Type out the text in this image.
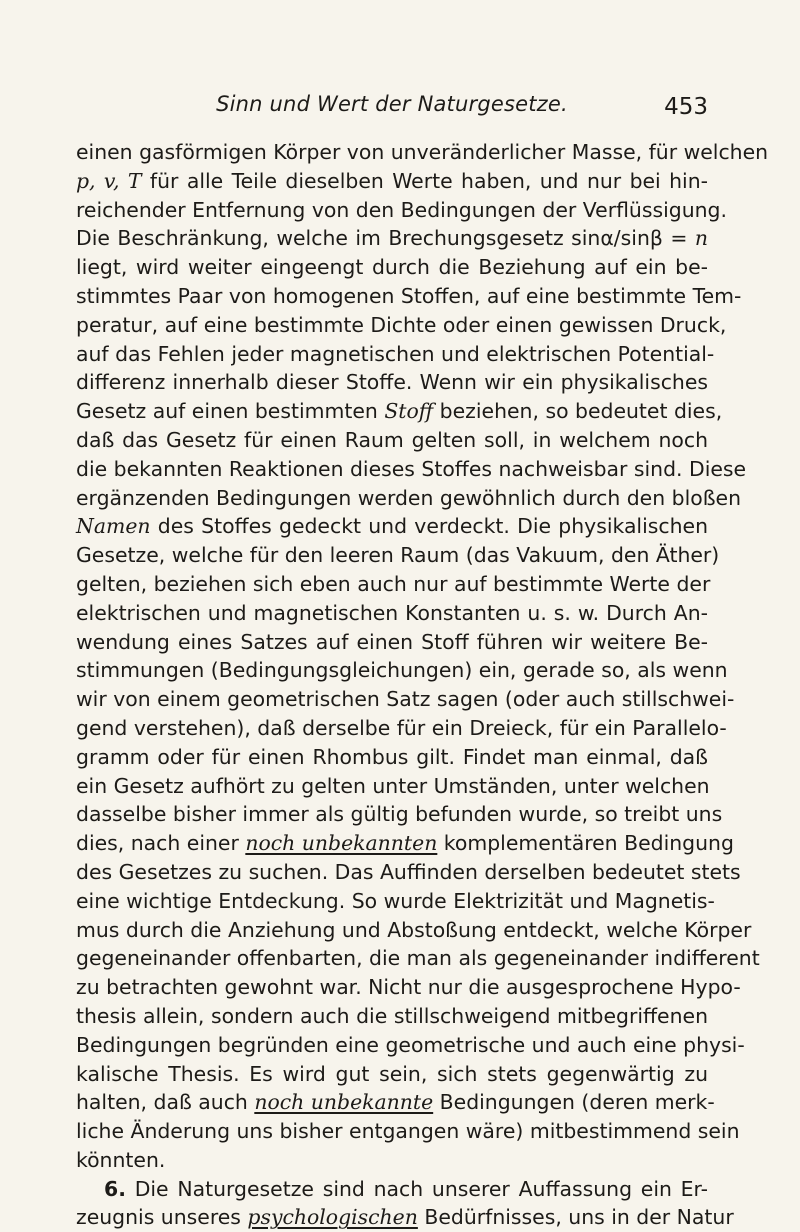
Sinn und Wert der Naturgesetze.	453
einen gasförmigen Körper von unveränderlicher Masse, für welchen
p, v, T für alle Teile dieselben Werte haben, und nur bei hin-
reichender Entfernung von den Bedingungen der Verflüssigung.
Die Beschränkung, welche im Brechungsgesetz sinα/sinβ = n
liegt, wird weiter eingeengt durch die Beziehung auf ein be-
stimmtes Paar von homogenen Stoffen, auf eine bestimmte Tem-
peratur, auf eine bestimmte Dichte oder einen gewissen Druck,
auf das Fehlen jeder magnetischen und elektrischen Potential-
differenz innerhalb dieser Stoffe. Wenn wir ein physikalisches
Gesetz auf einen bestimmten Stoff beziehen, so bedeutet dies,
daß das Gesetz für einen Raum gelten soll, in welchem noch
die bekannten Reaktionen dieses Stoffes nachweisbar sind. Diese
ergänzenden Bedingungen werden gewöhnlich durch den bloßen
Namen des Stoffes gedeckt und verdeckt. Die physikalischen
Gesetze, welche für den leeren Raum (das Vakuum, den Äther)
gelten, beziehen sich eben auch nur auf bestimmte Werte der
elektrischen und magnetischen Konstanten u. s. w. Durch An-
wendung eines Satzes auf einen Stoff führen wir weitere Be-
stimmungen (Bedingungsgleichungen) ein, gerade so, als wenn
wir von einem geometrischen Satz sagen (oder auch stillschwei-
gend verstehen), daß derselbe für ein Dreieck, für ein Parallelo-
gramm oder für einen Rhombus gilt. Findet man einmal, daß
ein Gesetz aufhört zu gelten unter Umständen, unter welchen
dasselbe bisher immer als gültig befunden wurde, so treibt uns
dies, nach einer noch unbekannten komplementären Bedingung
des Gesetzes zu suchen. Das Auffinden derselben bedeutet stets
eine wichtige Entdeckung. So wurde Elektrizität und Magnetis-
mus durch die Anziehung und Abstoßung entdeckt, welche Körper
gegeneinander offenbarten, die man als gegeneinander indifferent
zu betrachten gewohnt war. Nicht nur die ausgesprochene Hypo-
thesis allein, sondern auch die stillschweigend mitbegriffenen
Bedingungen begründen eine geometrische und auch eine physi-
kalische Thesis. Es wird gut sein, sich stets gegenwärtig zu
halten, daß auch noch unbekannte Bedingungen (deren merk-
liche Änderung uns bisher entgangen wäre) mitbestimmend sein
könnten.
6. Die Naturgesetze sind nach unserer Auffassung ein Er-
zeugnis unseres psychologischen Bedürfnisses, uns in der Natur
